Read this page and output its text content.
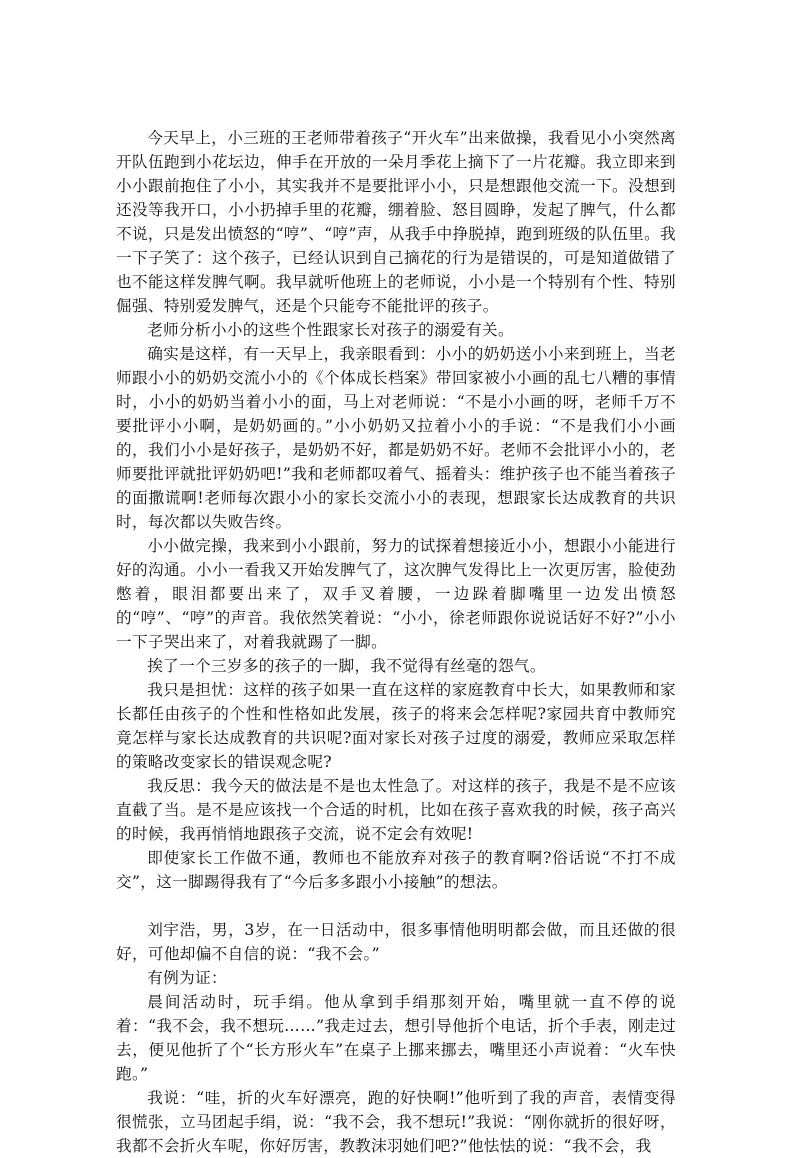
今天早上，小三班的王老师带着孩子“开火车”出来做操，我看见小小突然离开队伍跑到小花坛边，伸手在开放的一朵月季花上摘下了一片花瓣。我立即来到小小跟前抱住了小小，其实我并不是要批评小小，只是想跟他交流一下。没想到还没等我开口，小小扔掉手里的花瓣，绷着脸、怒目圆睁，发起了脾气，什么都不说，只是发出愤怒的“哼”、“哼”声，从我手中挣脱掉，跑到班级的队伍里。我一下子笑了：这个孩子，已经认识到自己摘花的行为是错误的，可是知道做错了也不能这样发脾气啊。我早就听他班上的老师说，小小是一个特别有个性、特别倔强、特别爱发脾气，还是个只能夸不能批评的孩子。

老师分析小小的这些个性跟家长对孩子的溺爱有关。

确实是这样，有一天早上，我亲眼看到：小小的奶奶送小小来到班上，当老师跟小小的奶奶交流小小的《个体成长档案》带回家被小小画的乱七八糟的事情时，小小的奶奶当着小小的面，马上对老师说：“不是小小画的呀，老师千万不要批评小小啊，是奶奶画的。”小小奶奶又拉着小小的手说：“不是我们小小画的，我们小小是好孩子，是奶奶不好，都是奶奶不好。老师不会批评小小的，老师要批评就批评奶奶吧!”我和老师都叹着气、摇着头：维护孩子也不能当着孩子的面撒谎啊!老师每次跟小小的家长交流小小的表现，想跟家长达成教育的共识时，每次都以失败告终。

小小做完操，我来到小小跟前，努力的试探着想接近小小，想跟小小能进行好的沟通。小小一看我又开始发脾气了，这次脾气发得比上一次更厉害，脸使劲憋着，眼泪都要出来了，双手叉着腰，一边跺着脚嘴里一边发出愤怒的“哼”、“哼”的声音。我依然笑着说：“小小，徐老师跟你说说话好不好?”小小一下子哭出来了，对着我就踢了一脚。

挨了一个三岁多的孩子的一脚，我不觉得有丝毫的怨气。

我只是担忧：这样的孩子如果一直在这样的家庭教育中长大，如果教师和家长都任由孩子的个性和性格如此发展，孩子的将来会怎样呢?家园共育中教师究竟怎样与家长达成教育的共识呢?面对家长对孩子过度的溺爱，教师应采取怎样的策略改变家长的错误观念呢?

我反思：我今天的做法是不是也太性急了。对这样的孩子，我是不是不应该直截了当。是不是应该找一个合适的时机，比如在孩子喜欢我的时候，孩子高兴的时候，我再悄悄地跟孩子交流，说不定会有效呢!

即使家长工作做不通，教师也不能放弃对孩子的教育啊?俗话说“不打不成交”，这一脚踢得我有了“今后多多跟小小接触”的想法。

刘宇浩，男，3岁，在一日活动中，很多事情他明明都会做，而且还做的很好，可他却偏不自信的说：“我不会。”

有例为证：

晨间活动时，玩手绢。他从拿到手绢那刻开始，嘴里就一直不停的说着：“我不会，我不想玩……”我走过去，想引导他折个电话，折个手表，刚走过去，便见他折了个“长方形火车”在桌子上挪来挪去，嘴里还小声说着：“火车快跑。”

我说：“哇，折的火车好漂亮，跑的好快啊!”他听到了我的声音，表情变得很慌张，立马团起手绢，说：“我不会，我不想玩!”我说：“刚你就折的很好呀，我都不会折火车呢，你好厉害，教教沫羽她们吧?”他怯怯的说：“我不会，我
